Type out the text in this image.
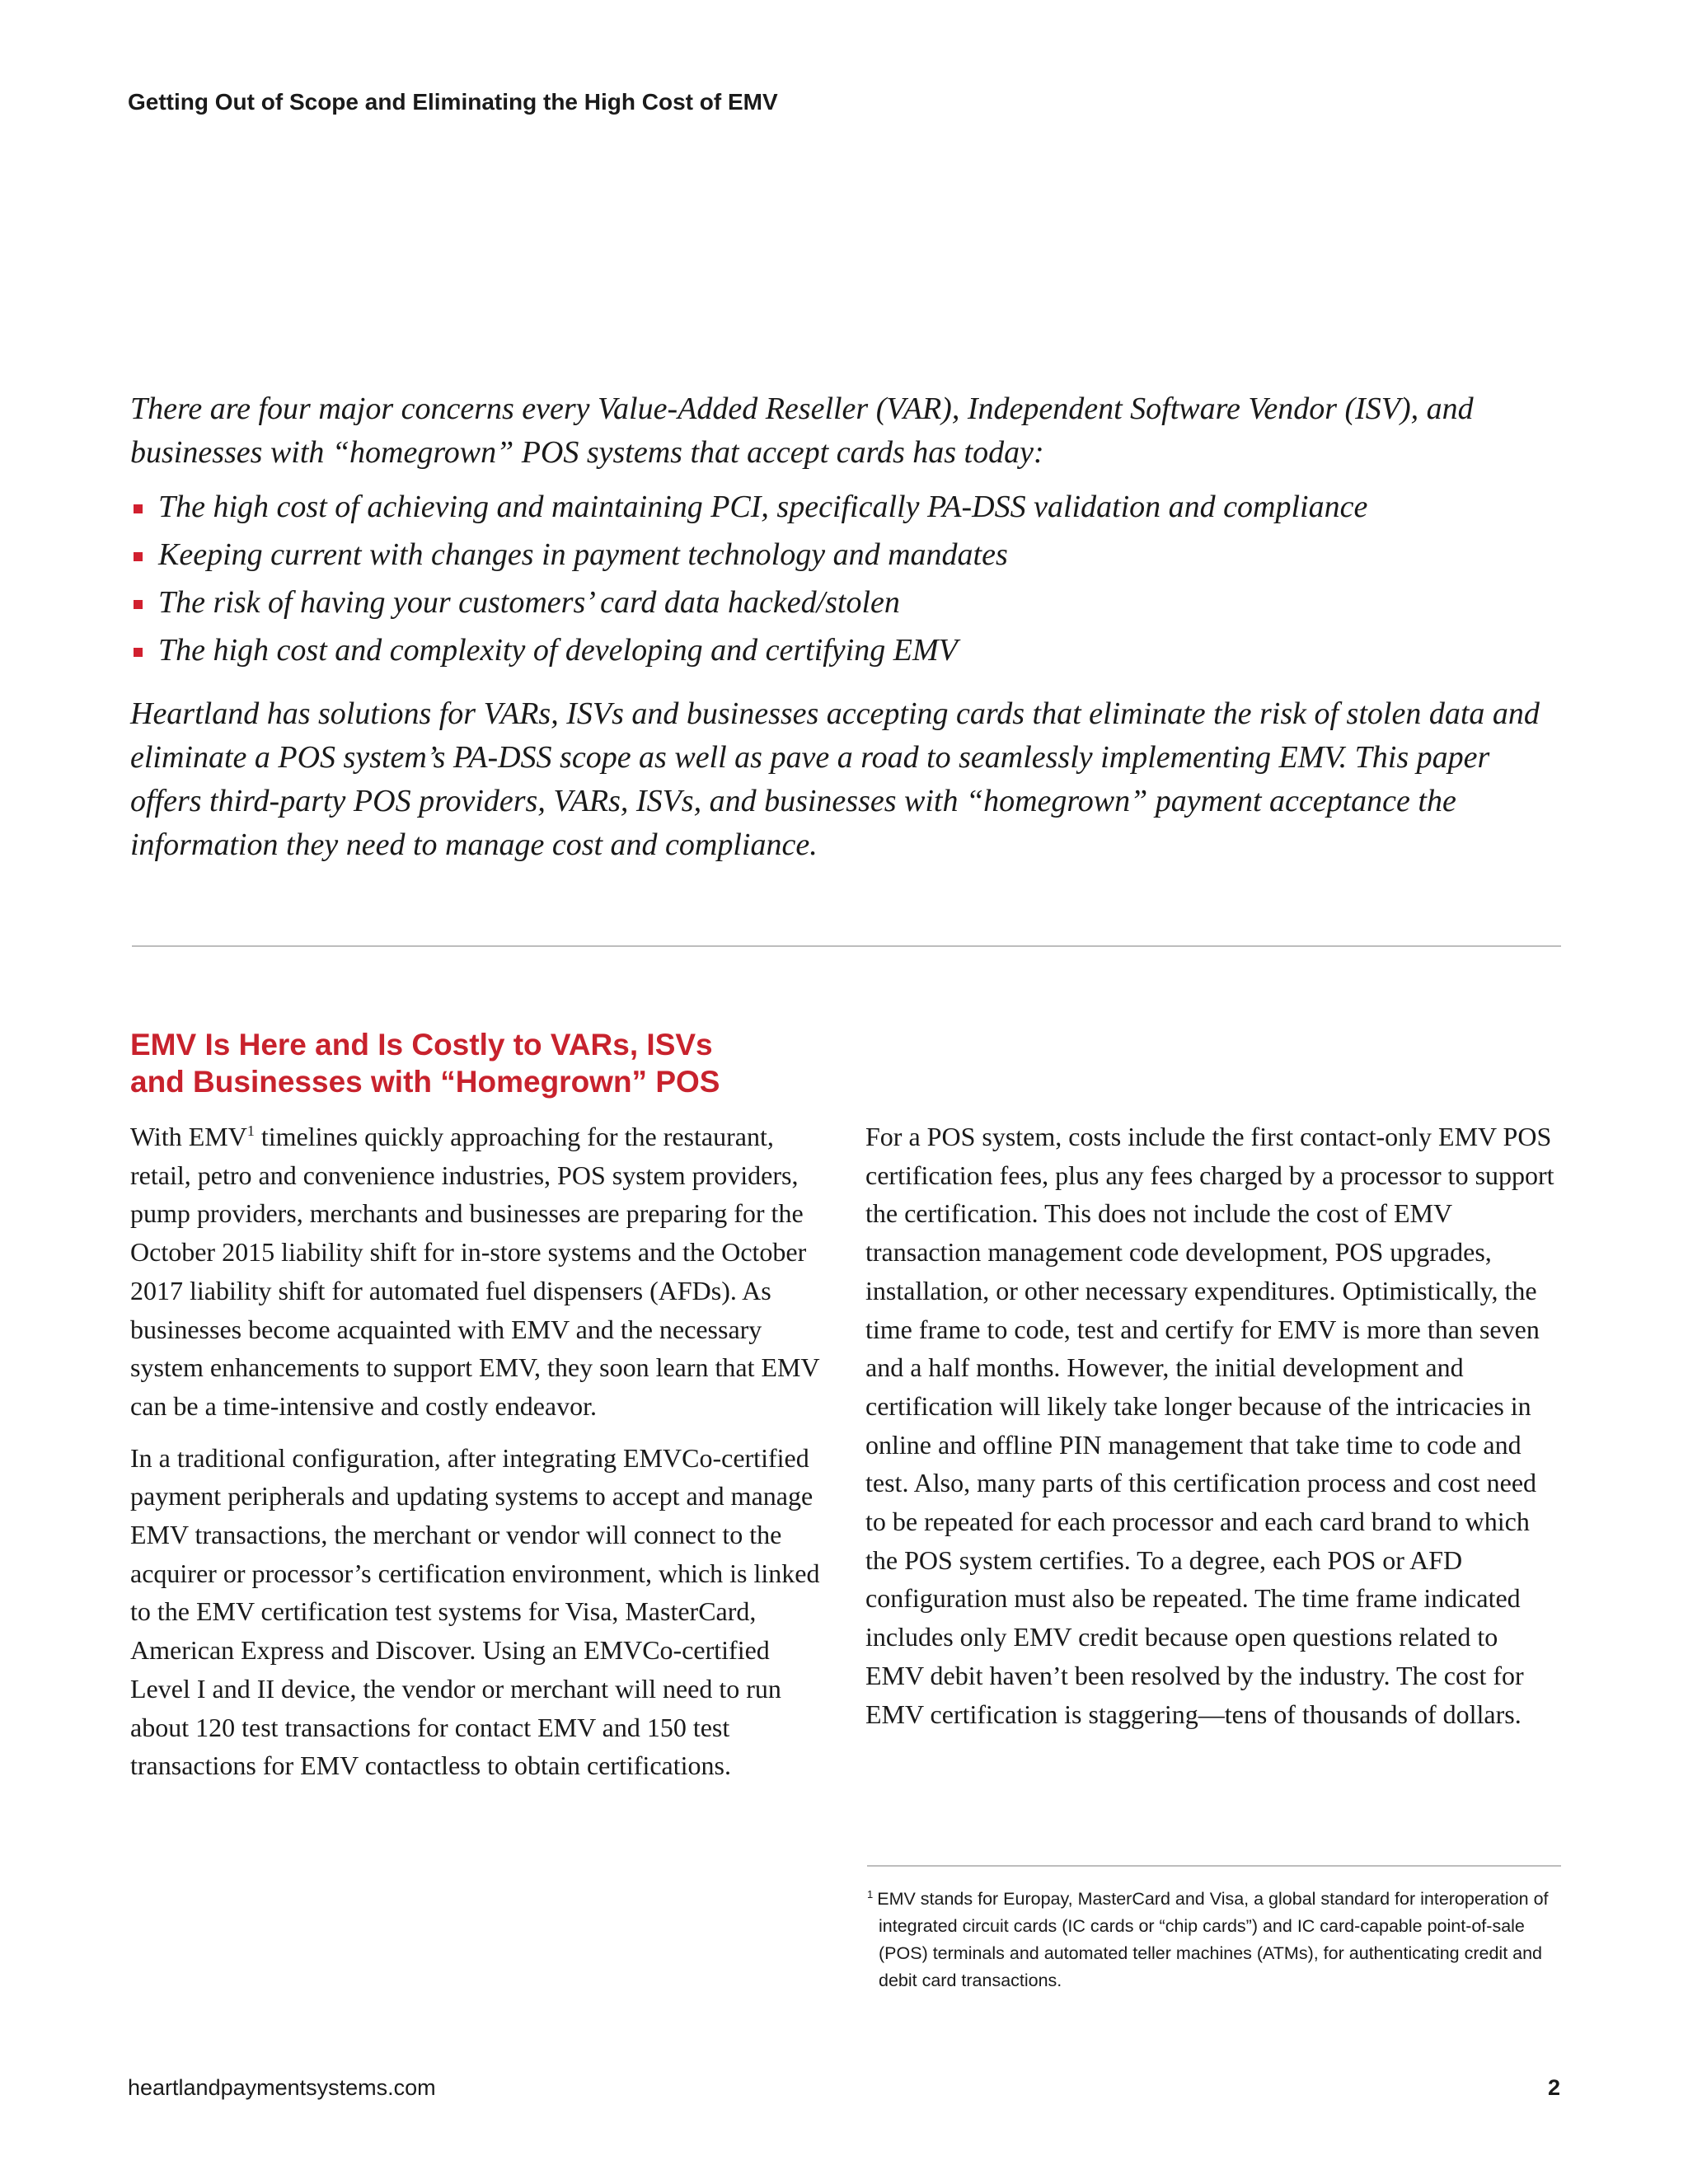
Getting Out of Scope and Eliminating the High Cost of EMV

There are four major concerns every Value-Added Reseller (VAR), Independent Software Vendor (ISV), and businesses with “homegrown” POS systems that accept cards has today:

The high cost of achieving and maintaining PCI, specifically PA-DSS validation and compliance
Keeping current with changes in payment technology and mandates
The risk of having your customers’ card data hacked/stolen
The high cost and complexity of developing and certifying EMV

Heartland has solutions for VARs, ISVs and businesses accepting cards that eliminate the risk of stolen data and eliminate a POS system’s PA-DSS scope as well as pave a road to seamlessly implementing EMV. This paper offers third-party POS providers, VARs, ISVs, and businesses with “homegrown” payment acceptance the information they need to manage cost and compliance.

EMV Is Here and Is Costly to VARs, ISVs
and Businesses with “Homegrown” POS

With EMV$^1$ timelines quickly approaching for the restaurant, retail, petro and convenience industries, POS system providers, pump providers, merchants and businesses are preparing for the October 2015 liability shift for in-store systems and the October 2017 liability shift for automated fuel dispensers (AFDs). As businesses become acquainted with EMV and the necessary system enhancements to support EMV, they soon learn that EMV can be a time-intensive and costly endeavor.

In a traditional configuration, after integrating EMVCo-certified payment peripherals and updating systems to accept and manage EMV transactions, the merchant or vendor will connect to the acquirer or processor’s certification environment, which is linked to the EMV certification test systems for Visa, MasterCard, American Express and Discover. Using an EMVCo-certified Level I and II device, the vendor or merchant will need to run about 120 test transactions for contact EMV and 150 test transactions for EMV contactless to obtain certifications.

For a POS system, costs include the first contact-only EMV POS certification fees, plus any fees charged by a processor to support the certification. This does not include the cost of EMV transaction management code development, POS upgrades, installation, or other necessary expenditures. Optimistically, the time frame to code, test and certify for EMV is more than seven and a half months. However, the initial development and certification will likely take longer because of the intricacies in online and offline PIN management that take time to code and test. Also, many parts of this certification process and cost need to be repeated for each processor and each card brand to which the POS system certifies. To a degree, each POS or AFD configuration must also be repeated. The time frame indicated includes only EMV credit because open questions related to EMV debit haven’t been resolved by the industry. The cost for EMV certification is staggering—tens of thousands of dollars.

$^1$ EMV stands for Europay, MasterCard and Visa, a global standard for interoperation of integrated circuit cards (IC cards or “chip cards”) and IC card-capable point-of-sale (POS) terminals and automated teller machines (ATMs), for authenticating credit and debit card transactions.
heartlandpaymentsystems.com	2
